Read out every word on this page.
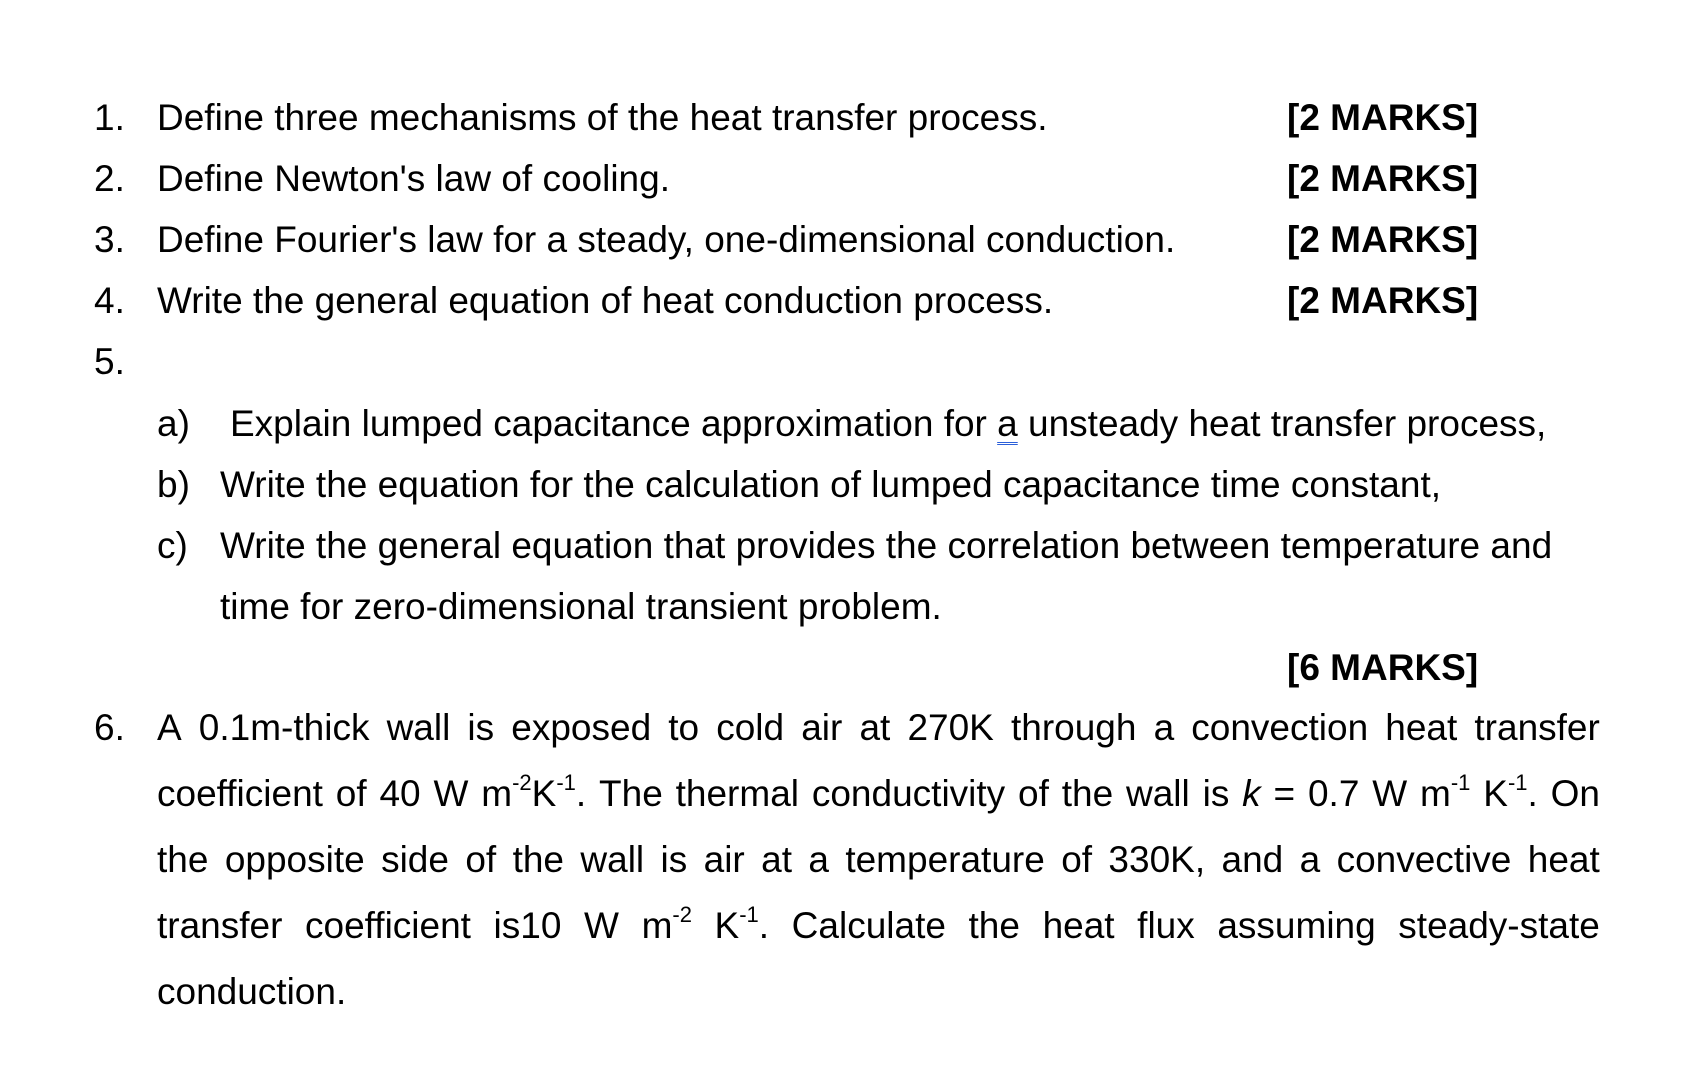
1. Define three mechanisms of the heat transfer process.	[2 MARKS]
2. Define Newton's law of cooling.	[2 MARKS]
3. Define Fourier's law for a steady, one-dimensional conduction.	[2 MARKS]
4. Write the general equation of heat conduction process.	[2 MARKS]
5.
a) Explain lumped capacitance approximation for a unsteady heat transfer process,
b) Write the equation for the calculation of lumped capacitance time constant,
c) Write the general equation that provides the correlation between temperature and
time for zero-dimensional transient problem.
[6 MARKS]
6. A 0.1m-thick wall is exposed to cold air at 270K through a convection heat transfer
coefficient of 40 W $m^{-2}K^{-1}$. The thermal conductivity of the wall is k = 0.7 W $m^{-1}$ $K^{-1}$. On
the opposite side of the wall is air at a temperature of 330K, and a convective heat
transfer coefficient is10 W $m^{-2}$ $K^{-1}$. Calculate the heat flux assuming steady-state
conduction.
